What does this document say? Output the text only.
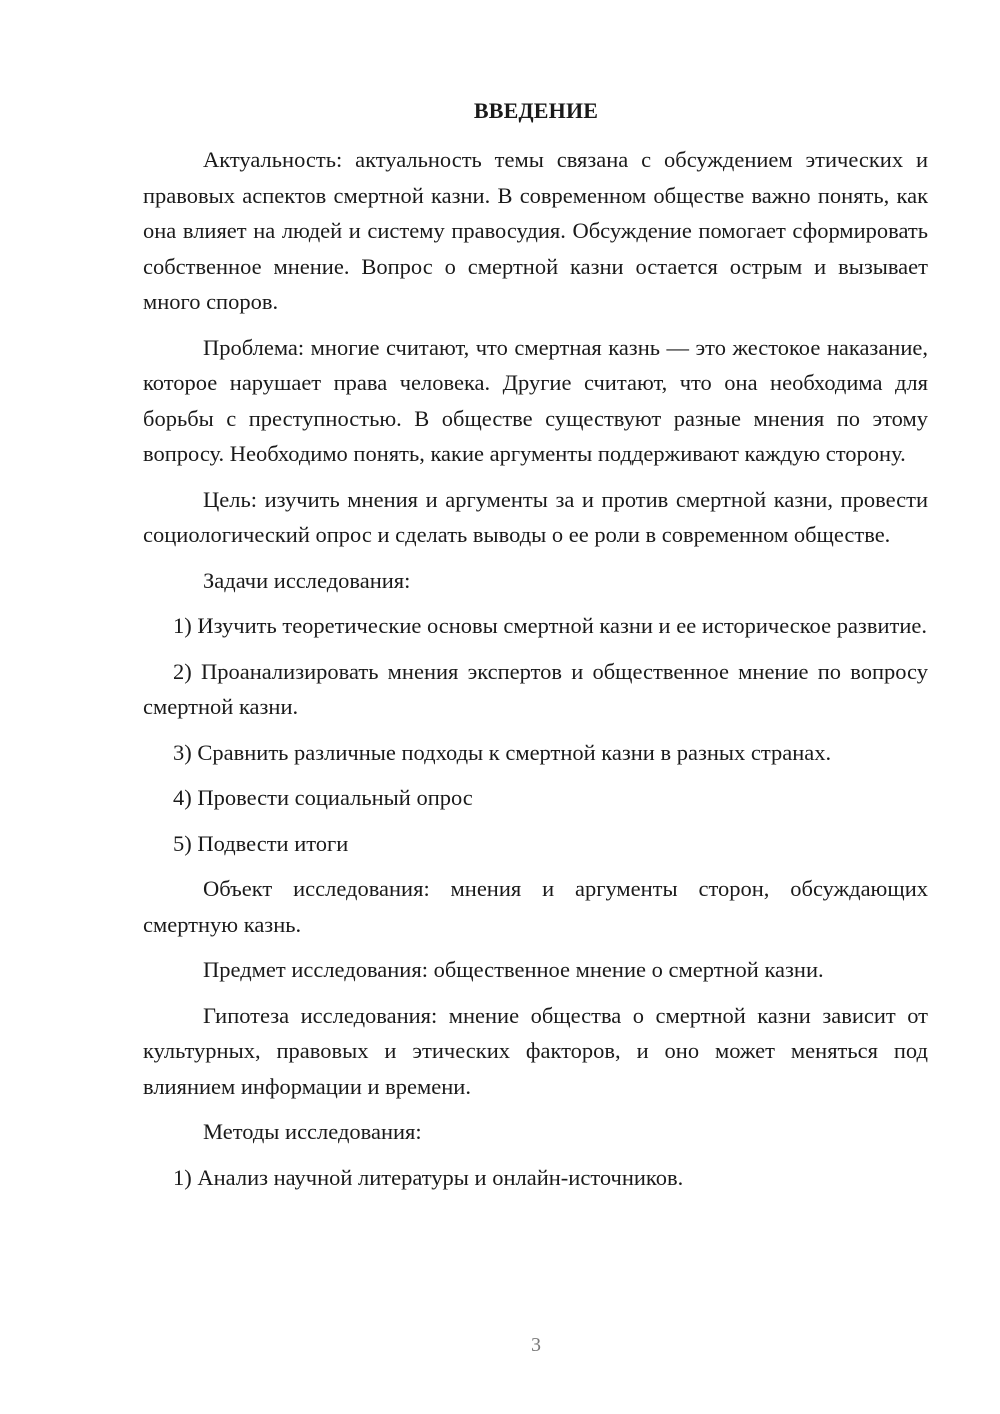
ВВЕДЕНИЕ

Актуальность: актуальность темы связана с обсуждением этических и правовых аспектов смертной казни. В современном обществе важно понять, как она влияет на людей и систему правосудия. Обсуждение помогает сформировать собственное мнение. Вопрос о смертной казни остается острым и вызывает много споров.

Проблема: многие считают, что смертная казнь — это жестокое наказание, которое нарушает права человека. Другие считают, что она необходима для борьбы с преступностью. В обществе существуют разные мнения по этому вопросу. Необходимо понять, какие аргументы поддерживают каждую сторону.

Цель: изучить мнения и аргументы за и против смертной казни, провести социологический опрос и сделать выводы о ее роли в современном обществе.

Задачи исследования:

1) Изучить теоретические основы смертной казни и ее историческое развитие.

2) Проанализировать мнения экспертов и общественное мнение по вопросу смертной казни.

3) Сравнить различные подходы к смертной казни в разных странах.

4) Провести социальный опрос

5) Подвести итоги

Объект исследования: мнения и аргументы сторон, обсуждающих смертную казнь.

Предмет исследования: общественное мнение о смертной казни.

Гипотеза исследования: мнение общества о смертной казни зависит от культурных, правовых и этических факторов, и оно может меняться под влиянием информации и времени.

Методы исследования:

1) Анализ научной литературы и онлайн-источников.

3
